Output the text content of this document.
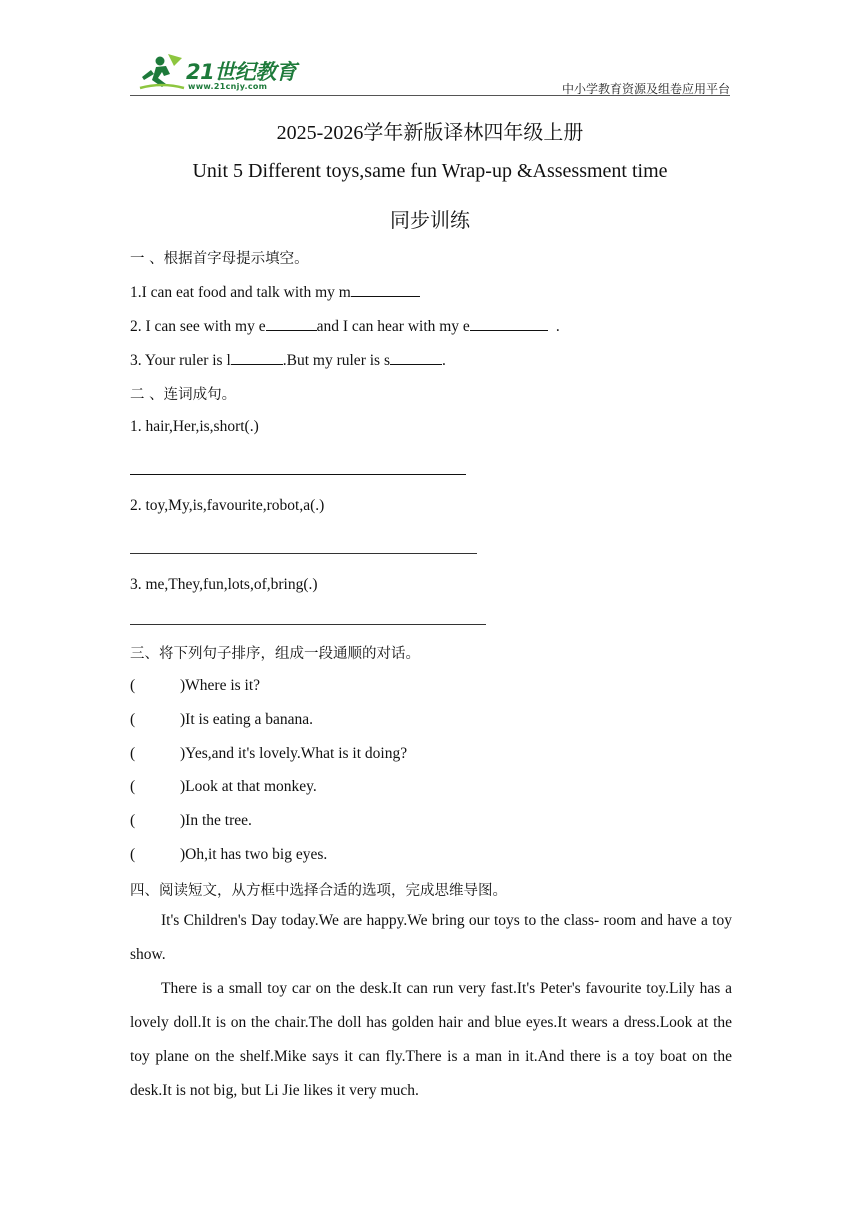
21世纪教育
www.21cnjy.com	中小学教育资源及组卷应用平台
2025-2026学年新版译林四年级上册
Unit 5 Different toys,same fun Wrap-up &Assessment time
同步训练
一 、根据首字母提示填空。
1.I can eat food and talk with my m
2. I can see with my e	and I can hear with my e	.
3. Your ruler is l	.But my ruler is s	.
二 、连词成句。
1. hair,Her,is,short(.)
2. toy,My,is,favourite,robot,a(.)
3. me,They,fun,lots,of,bring(.)
三、将下列句子排序，组成一段通顺的对话。
(	)Where is it?
(	)It is eating a banana.
(	)Yes,and it's lovely.What is it doing?
(	)Look at that monkey.
(	)In the tree.
(	)Oh,it has two big eyes.
四、阅读短文，从方框中选择合适的选项，完成思维导图。
It's Children's Day today.We are happy.We bring our toys to the class- room and have a toy show.
There is a small toy car on the desk.It can run very fast.It's Peter's favourite toy.Lily has a lovely doll.It is on the chair.The doll has golden hair and blue eyes.It wears a dress.Look at the toy plane on the shelf.Mike says it can fly.There is a man in it.And there is a toy boat on the desk.It is not big, but Li Jie likes it very much.
